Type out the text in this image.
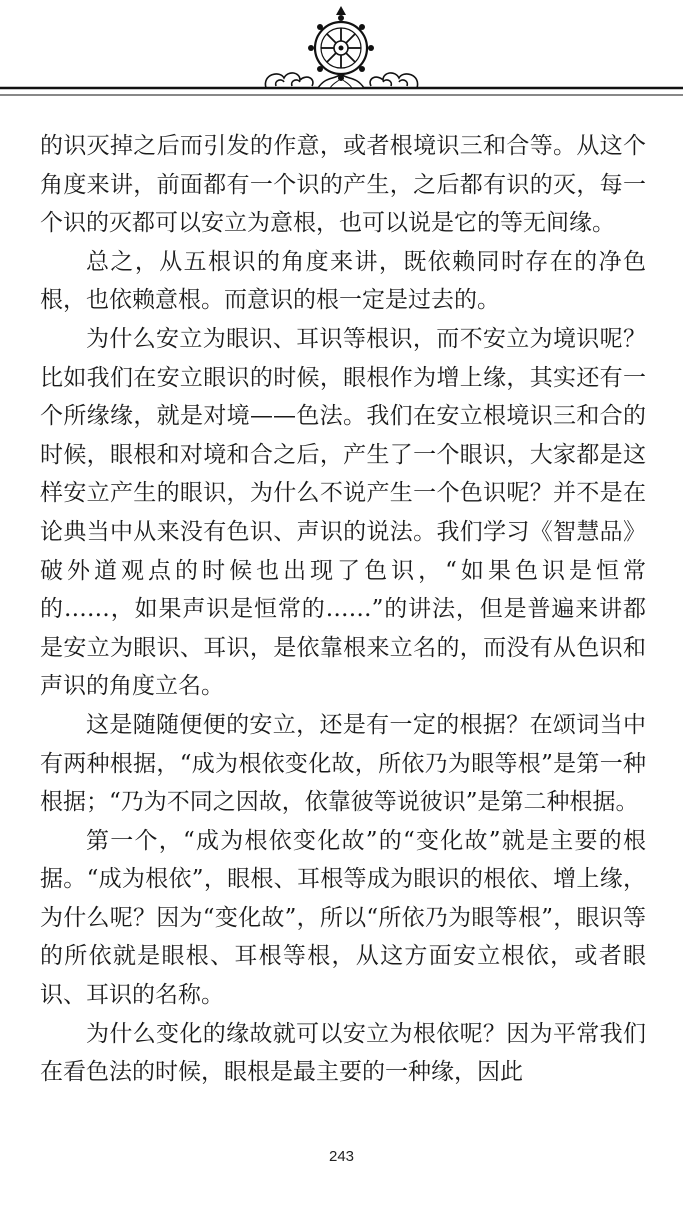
的识灭掉之后而引发的作意，或者根境识三和合等。从这个角度来讲，前面都有一个识的产生，之后都有识的灭，每一个识的灭都可以安立为意根，也可以说是它的等无间缘。

总之，从五根识的角度来讲，既依赖同时存在的净色根，也依赖意根。而意识的根一定是过去的。

为什么安立为眼识、耳识等根识，而不安立为境识呢？比如我们在安立眼识的时候，眼根作为增上缘，其实还有一个所缘缘，就是对境——色法。我们在安立根境识三和合的时候，眼根和对境和合之后，产生了一个眼识，大家都是这样安立产生的眼识，为什么不说产生一个色识呢？并不是在论典当中从来没有色识、声识的说法。我们学习《智慧品》破外道观点的时候也出现了色识，“如果色识是恒常的……，如果声识是恒常的……”的讲法，但是普遍来讲都是安立为眼识、耳识，是依靠根来立名的，而没有从色识和声识的角度立名。

这是随随便便的安立，还是有一定的根据？在颂词当中有两种根据，“成为根依变化故，所依乃为眼等根”是第一种根据；“乃为不同之因故，依靠彼等说彼识”是第二种根据。

第一个，“成为根依变化故”的“变化故”就是主要的根据。“成为根依”，眼根、耳根等成为眼识的根依、增上缘，为什么呢？因为“变化故”，所以“所依乃为眼等根”，眼识等的所依就是眼根、耳根等根，从这方面安立根依，或者眼识、耳识的名称。

为什么变化的缘故就可以安立为根依呢？因为平常我们在看色法的时候，眼根是最主要的一种缘，因此

243
